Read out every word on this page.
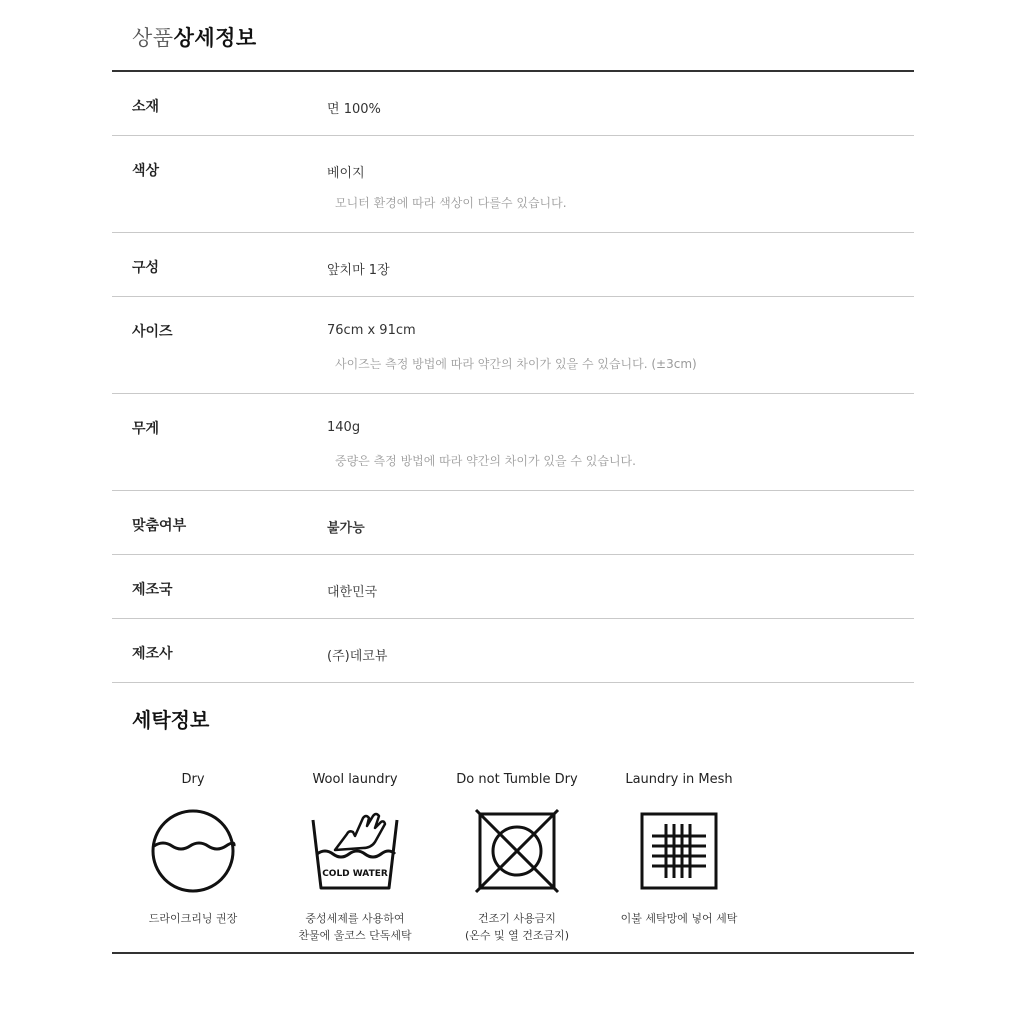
상품상세정보
소재	면 100%
색상	베이지
모니터 환경에 따라 색상이 다를수 있습니다.
구성	앞치마 1장
사이즈	76cm x 91cm
사이즈는 측정 방법에 따라 약간의 차이가 있을 수 있습니다. (±3cm)
무게	140g
중량은 측정 방법에 따라 약간의 차이가 있을 수 있습니다.
맞춤여부	불가능
제조국	대한민국
제조사	(주)데코뷰
세탁정보
Dry
드라이크리닝 권장
Wool laundry
COLD WATER
중성세제를 사용하여
찬물에 울코스 단독세탁
Do not Tumble Dry
건조기 사용금지
(온수 및 열 건조금지)
Laundry in Mesh
이불 세탁망에 넣어 세탁
